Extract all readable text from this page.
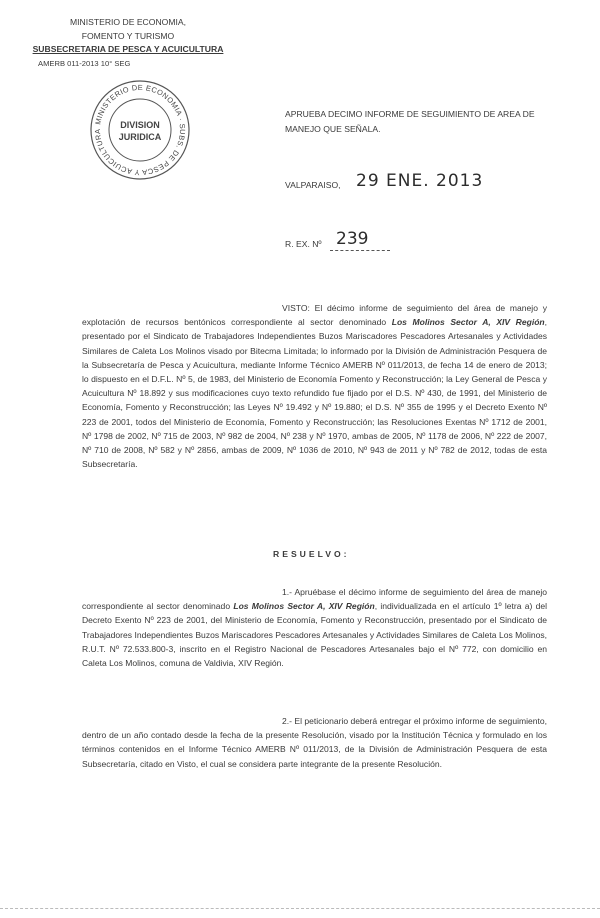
MINISTERIO DE ECONOMIA,
FOMENTO Y TURISMO
SUBSECRETARIA DE PESCA Y ACUICULTURA
AMERB 011-2013 10° SEG
MINISTERIO DE ECONOMIA · SUBS. DE PESCA Y ACUICULTURA
DIVISION
JURIDICA
APRUEBA DECIMO INFORME DE SEGUIMIENTO DE AREA DE MANEJO QUE SEÑALA.
VALPARAISO, 29 ENE. 2013
R. EX. Nº 239
VISTO: El décimo informe de seguimiento del área de manejo y explotación de recursos bentónicos correspondiente al sector denominado Los Molinos Sector A, XIV Región, presentado por el Sindicato de Trabajadores Independientes Buzos Mariscadores Pescadores Artesanales y Actividades Similares de Caleta Los Molinos visado por Bitecma Limitada; lo informado por la División de Administración Pesquera de la Subsecretaría de Pesca y Acuicultura, mediante Informe Técnico AMERB Nº 011/2013, de fecha 14 de enero de 2013; lo dispuesto en el D.F.L. Nº 5, de 1983, del Ministerio de Economía Fomento y Reconstrucción; la Ley General de Pesca y Acuicultura Nº 18.892 y sus modificaciones cuyo texto refundido fue fijado por el D.S. Nº 430, de 1991, del Ministerio de Economía, Fomento y Reconstrucción; las Leyes Nº 19.492 y Nº 19.880; el D.S. Nº 355 de 1995 y el Decreto Exento Nº 223 de 2001, todos del Ministerio de Economía, Fomento y Reconstrucción; las Resoluciones Exentas Nº 1712 de 2001, Nº 1798 de 2002, Nº 715 de 2003, Nº 982 de 2004, Nº 238 y Nº 1970, ambas de 2005, Nº 1178 de 2006, Nº 222 de 2007, Nº 710 de 2008, Nº 582 y Nº 2856, ambas de 2009, Nº 1036 de 2010, Nº 943 de 2011 y Nº 782 de 2012, todas de esta Subsecretaría.
RESUELVO:
1.- Apruébase el décimo informe de seguimiento del área de manejo correspondiente al sector denominado Los Molinos Sector A, XIV Región, individualizada en el artículo 1º letra a) del Decreto Exento Nº 223 de 2001, del Ministerio de Economía, Fomento y Reconstrucción, presentado por el Sindicato de Trabajadores Independientes Buzos Mariscadores Pescadores Artesanales y Actividades Similares de Caleta Los Molinos, R.U.T. Nº 72.533.800-3, inscrito en el Registro Nacional de Pescadores Artesanales bajo el Nº 772, con domicilio en Caleta Los Molinos, comuna de Valdivia, XIV Región.
2.- El peticionario deberá entregar el próximo informe de seguimiento, dentro de un año contado desde la fecha de la presente Resolución, visado por la Institución Técnica y formulado en los términos contenidos en el Informe Técnico AMERB Nº 011/2013, de la División de Administración Pesquera de esta Subsecretaría, citado en Visto, el cual se considera parte integrante de la presente Resolución.
